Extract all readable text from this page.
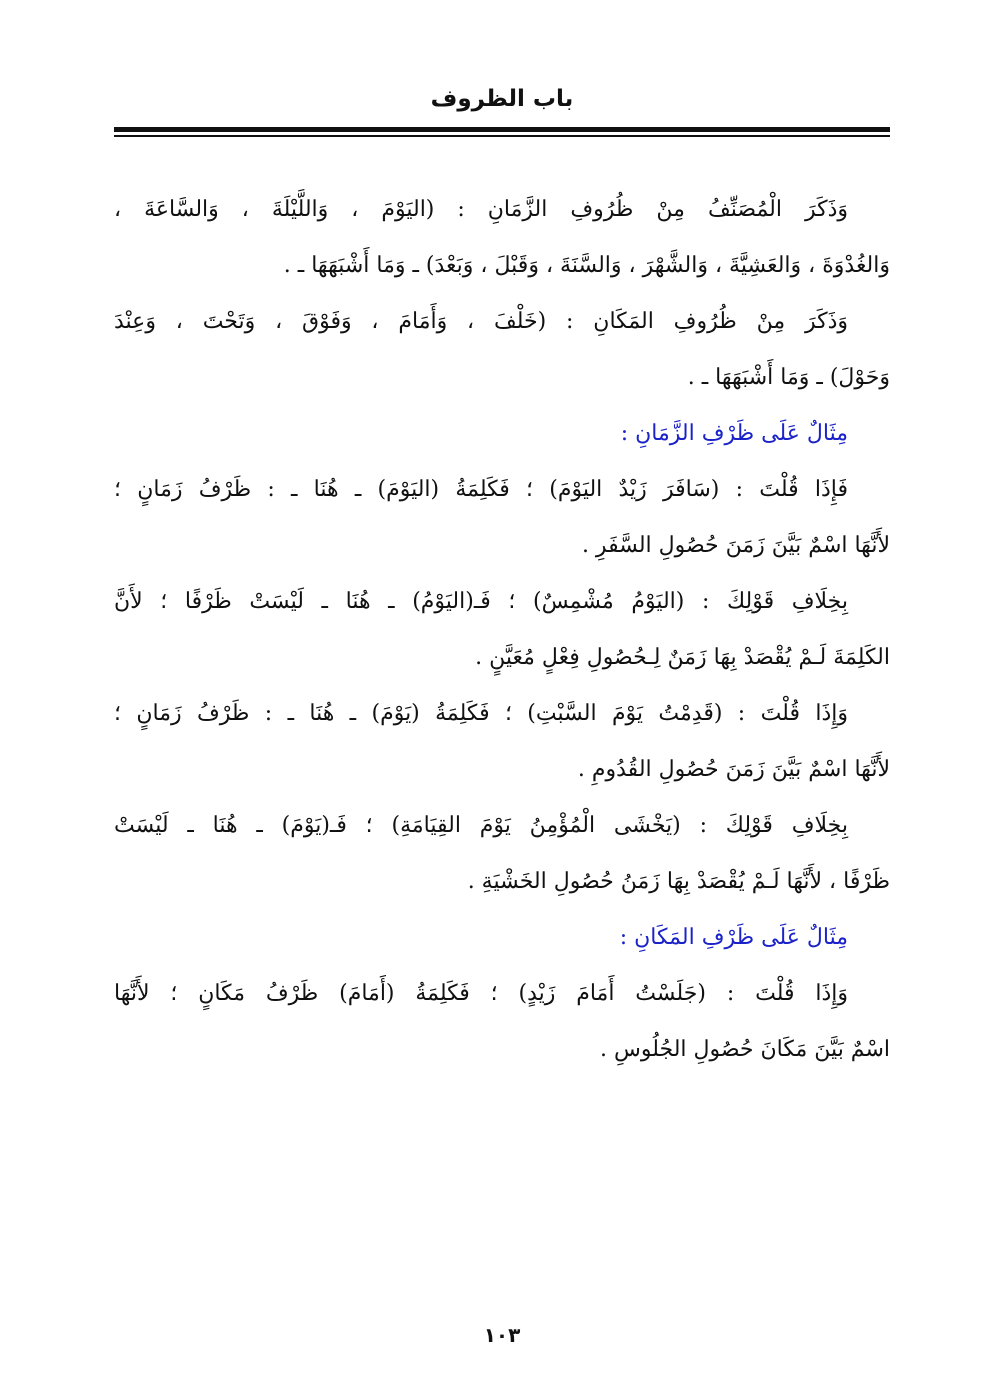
باب الظروف
وَذَكَرَ الْمُصَنِّفُ مِنْ ظُرُوفِ الزَّمَانِ : (اليَوْمَ ، وَاللَّيْلَةَ ، وَالسَّاعَةَ ،
وَالغُدْوَةَ ، وَالعَشِيَّةَ ، وَالشَّهْرَ ، وَالسَّنَةَ ، وَقَبْلَ ، وَبَعْدَ) ـ وَمَا أَشْبَهَهَا ـ .
وَذَكَرَ مِنْ ظُرُوفِ المَكَانِ : (خَلْفَ ، وَأَمَامَ ، وَفَوْقَ ، وَتَحْتَ ، وَعِنْدَ
وَحَوْلَ) ـ وَمَا أَشْبَهَهَا ـ .
مِثَالٌ عَلَى ظَرْفِ الزَّمَانِ :
فَإِذَا قُلْتَ : (سَافَرَ زَيْدٌ اليَوْمَ) ؛ فَكَلِمَةُ (اليَوْمَ) ـ هُنَا ـ : ظَرْفُ زَمَانٍ ؛
لأَنَّهَا اسْمٌ بَيَّنَ زَمَنَ حُصُولِ السَّفَرِ .
بِخِلَافِ قَوْلِكَ : (اليَوْمُ مُشْمِسٌ) ؛ فَـ(اليَوْمُ) ـ هُنَا ـ لَيْسَتْ ظَرْفًا ؛ لأَنَّ
الكَلِمَةَ لَـمْ يُقْصَدْ بِهَا زَمَنٌ لِـحُصُولِ فِعْلٍ مُعَيَّنٍ .
وَإِذَا قُلْتَ : (قَدِمْتُ يَوْمَ السَّبْتِ) ؛ فَكَلِمَةُ (يَوْمَ) ـ هُنَا ـ : ظَرْفُ زَمَانٍ ؛
لأَنَّهَا اسْمٌ بَيَّنَ زَمَنَ حُصُولِ القُدُومِ .
بِخِلَافِ قَوْلِكَ : (يَخْشَى الْمُؤْمِنُ يَوْمَ القِيَامَةِ) ؛ فَـ(يَوْمَ) ـ هُنَا ـ لَيْسَتْ
ظَرْفًا ، لأَنَّهَا لَـمْ يُقْصَدْ بِهَا زَمَنُ حُصُولِ الخَشْيَةِ .
مِثَالٌ عَلَى ظَرْفِ المَكَانِ :
وَإِذَا قُلْتَ : (جَلَسْتُ أَمَامَ زَيْدٍ) ؛ فَكَلِمَةُ (أَمَامَ) ظَرْفُ مَكَانٍ ؛ لأَنَّهَا
اسْمٌ بَيَّنَ مَكَانَ حُصُولِ الجُلُوسِ .
١٠٣
